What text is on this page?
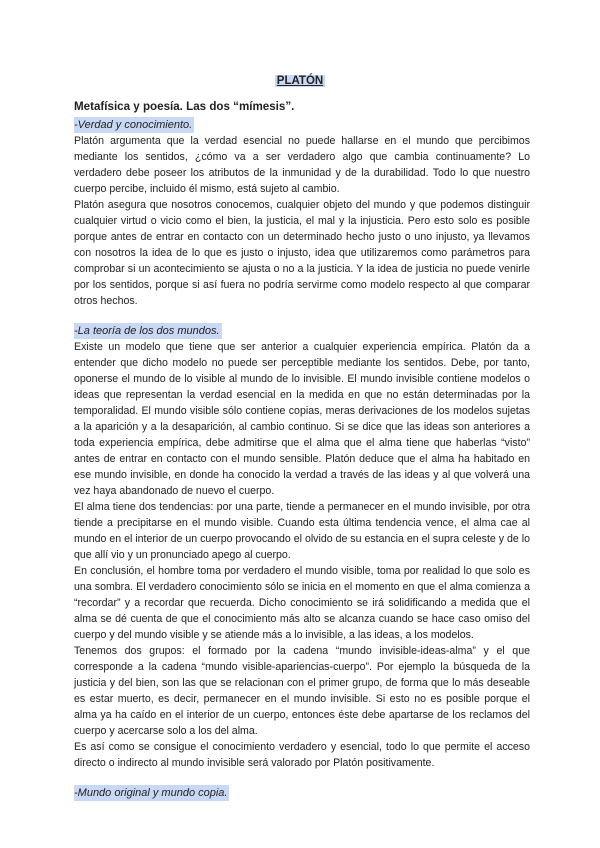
PLATÓN

Metafísica y poesía. Las dos “mímesis”.

-Verdad y conocimiento.

Platón argumenta que la verdad esencial no puede hallarse en el mundo que percibimos mediante los sentidos, ¿cómo va a ser verdadero algo que cambia continuamente? Lo verdadero debe poseer los atributos de la inmunidad y de la durabilidad. Todo lo que nuestro cuerpo percibe, incluido él mismo, está sujeto al cambio.

Platón asegura que nosotros conocemos, cualquier objeto del mundo y que podemos distinguir cualquier virtud o vicio como el bien, la justicia, el mal y la injusticia. Pero esto solo es posible porque antes de entrar en contacto con un determinado hecho justo o uno injusto, ya llevamos con nosotros la idea de lo que es justo o injusto, idea que utilizaremos como parámetros para comprobar si un acontecimiento se ajusta o no a la justicia. Y la idea de justicia no puede venirle por los sentidos, porque si así fuera no podría servirme como modelo respecto al que comparar otros hechos.

-La teoría de los dos mundos.

Existe un modelo que tiene que ser anterior a cualquier experiencia empírica. Platón da a entender que dicho modelo no puede ser perceptible mediante los sentidos. Debe, por tanto, oponerse el mundo de lo visible al mundo de lo invisible. El mundo invisible contiene modelos o ideas que representan la verdad esencial en la medida en que no están determinadas por la temporalidad. El mundo visible sólo contiene copias, meras derivaciones de los modelos sujetas a la aparición y a la desaparición, al cambio continuo. Si se dice que las ideas son anteriores a toda experiencia empírica, debe admitirse que el alma que el alma tiene que haberlas “visto” antes de entrar en contacto con el mundo sensible. Platón deduce que el alma ha habitado en ese mundo invisible, en donde ha conocido la verdad a través de las ideas y al que volverá una vez haya abandonado de nuevo el cuerpo.

El alma tiene dos tendencias: por una parte, tiende a permanecer en el mundo invisible, por otra tiende a precipitarse en el mundo visible. Cuando esta última tendencia vence, el alma cae al mundo en el interior de un cuerpo provocando el olvido de su estancia en el supra celeste y de lo que allí vio y un pronunciado apego al cuerpo.

En conclusión, el hombre toma por verdadero el mundo visible, toma por realidad lo que solo es una sombra. El verdadero conocimiento sólo se inicia en el momento en que el alma comienza a “recordar” y a recordar que recuerda. Dicho conocimiento se irá solidificando a medida que el alma se dé cuenta de que el conocimiento más alto se alcanza cuando se hace caso omiso del cuerpo y del mundo visible y se atiende más a lo invisible, a las ideas, a los modelos.

Tenemos dos grupos: el formado por la cadena “mundo invisible-ideas-alma” y el que corresponde a la cadena “mundo visible-apariencias-cuerpo”. Por ejemplo la búsqueda de la justicia y del bien, son las que se relacionan con el primer grupo, de forma que lo más deseable es estar muerto, es decir, permanecer en el mundo invisible. Si esto no es posible porque el alma ya ha caído en el interior de un cuerpo, entonces éste debe apartarse de los reclamos del cuerpo y acercarse solo a los del alma.

Es así como se consigue el conocimiento verdadero y esencial, todo lo que permite el acceso directo o indirecto al mundo invisible será valorado por Platón positivamente.

-Mundo original y mundo copia.
